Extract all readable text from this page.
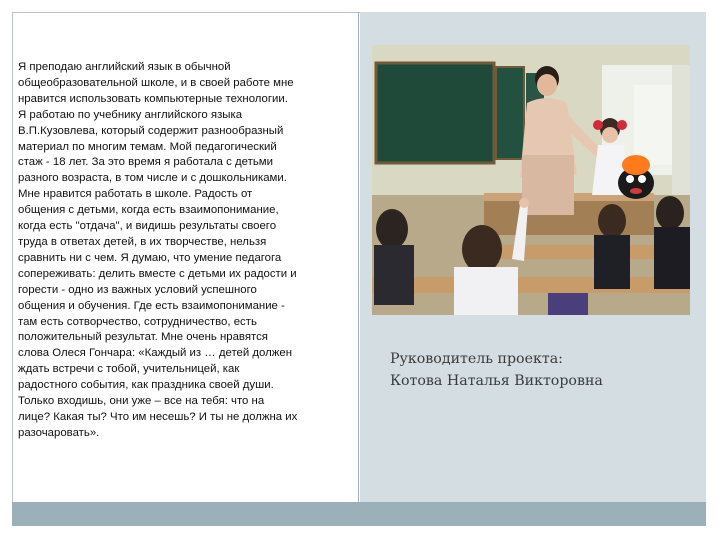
Я преподаю английский язык в обычной
общеобразовательной школе, и в своей работе мне
нравится использовать компьютерные технологии.
Я работаю по учебнику английского языка
В.П.Кузовлева, который содержит разнообразный
материал по многим темам. Мой педагогический
стаж - 18 лет. За это время я работала с детьми
разного возраста, в том числе и с дошкольниками.
Мне нравится работать в школе. Радость от
общения с детьми, когда есть взаимопонимание,
когда есть "отдача", и видишь результаты своего
труда в ответах детей, в их творчестве, нельзя
сравнить ни с чем. Я думаю, что умение педагога
сопереживать: делить вместе с детьми их радости и
горести - одно из важных условий успешного
общения и обучения. Где есть взаимопонимание -
там есть сотворчество, сотрудничество, есть
положительный результат. Мне очень нравятся
слова Олеся Гончара: «Каждый из … детей должен
ждать встречи с тобой, учительницей, как
радостного события, как праздника своей души.
Только входишь, они уже – все на тебя: что на
лице? Какая ты? Что им несешь? И ты не должна их
разочаровать».
Руководитель проекта:
Котова Наталья Викторовна
